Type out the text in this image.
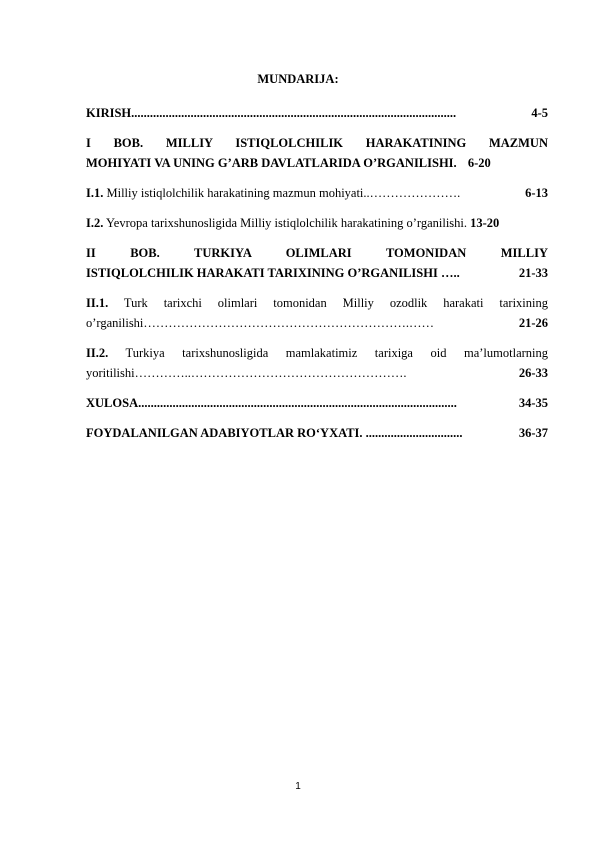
MUNDARIJA:
KIRISH........................................................................................................	4-5
I BOB. MILLIY ISTIQLOLCHILIK HARAKATINING MAZMUN
MOHIYATI VA UNING G’ARB DAVLATLARIDA O’RGANILISHI. 6-20
I.1. Milliy istiqlolchilik harakatining mazmun mohiyati..………………….	6-13
I.2. Yevropa tarixshunosligida Milliy istiqlolchilik harakatining o’rganilishi. 13-20
II BOB. TURKIYA OLIMLARI TOMONIDAN MILLIY
ISTIQLOLCHILIK HARAKATI TARIXINING O’RGANILISHI …..	21-33
II.1. Turk tarixchi olimlari tomonidan Milliy ozodlik harakati tarixining
o’rganilishi……………………………………………………….……	21-26
II.2. Turkiya tarixshunosligida mamlakatimiz tarixiga oid ma’lumotlarning
yoritilishi…………..…………………………………………….	26-33
XULOSA......................................................................................................	34-35
FOYDALANILGAN ADABIYOTLAR RO‘YXATI. ...............................	36-37
1
